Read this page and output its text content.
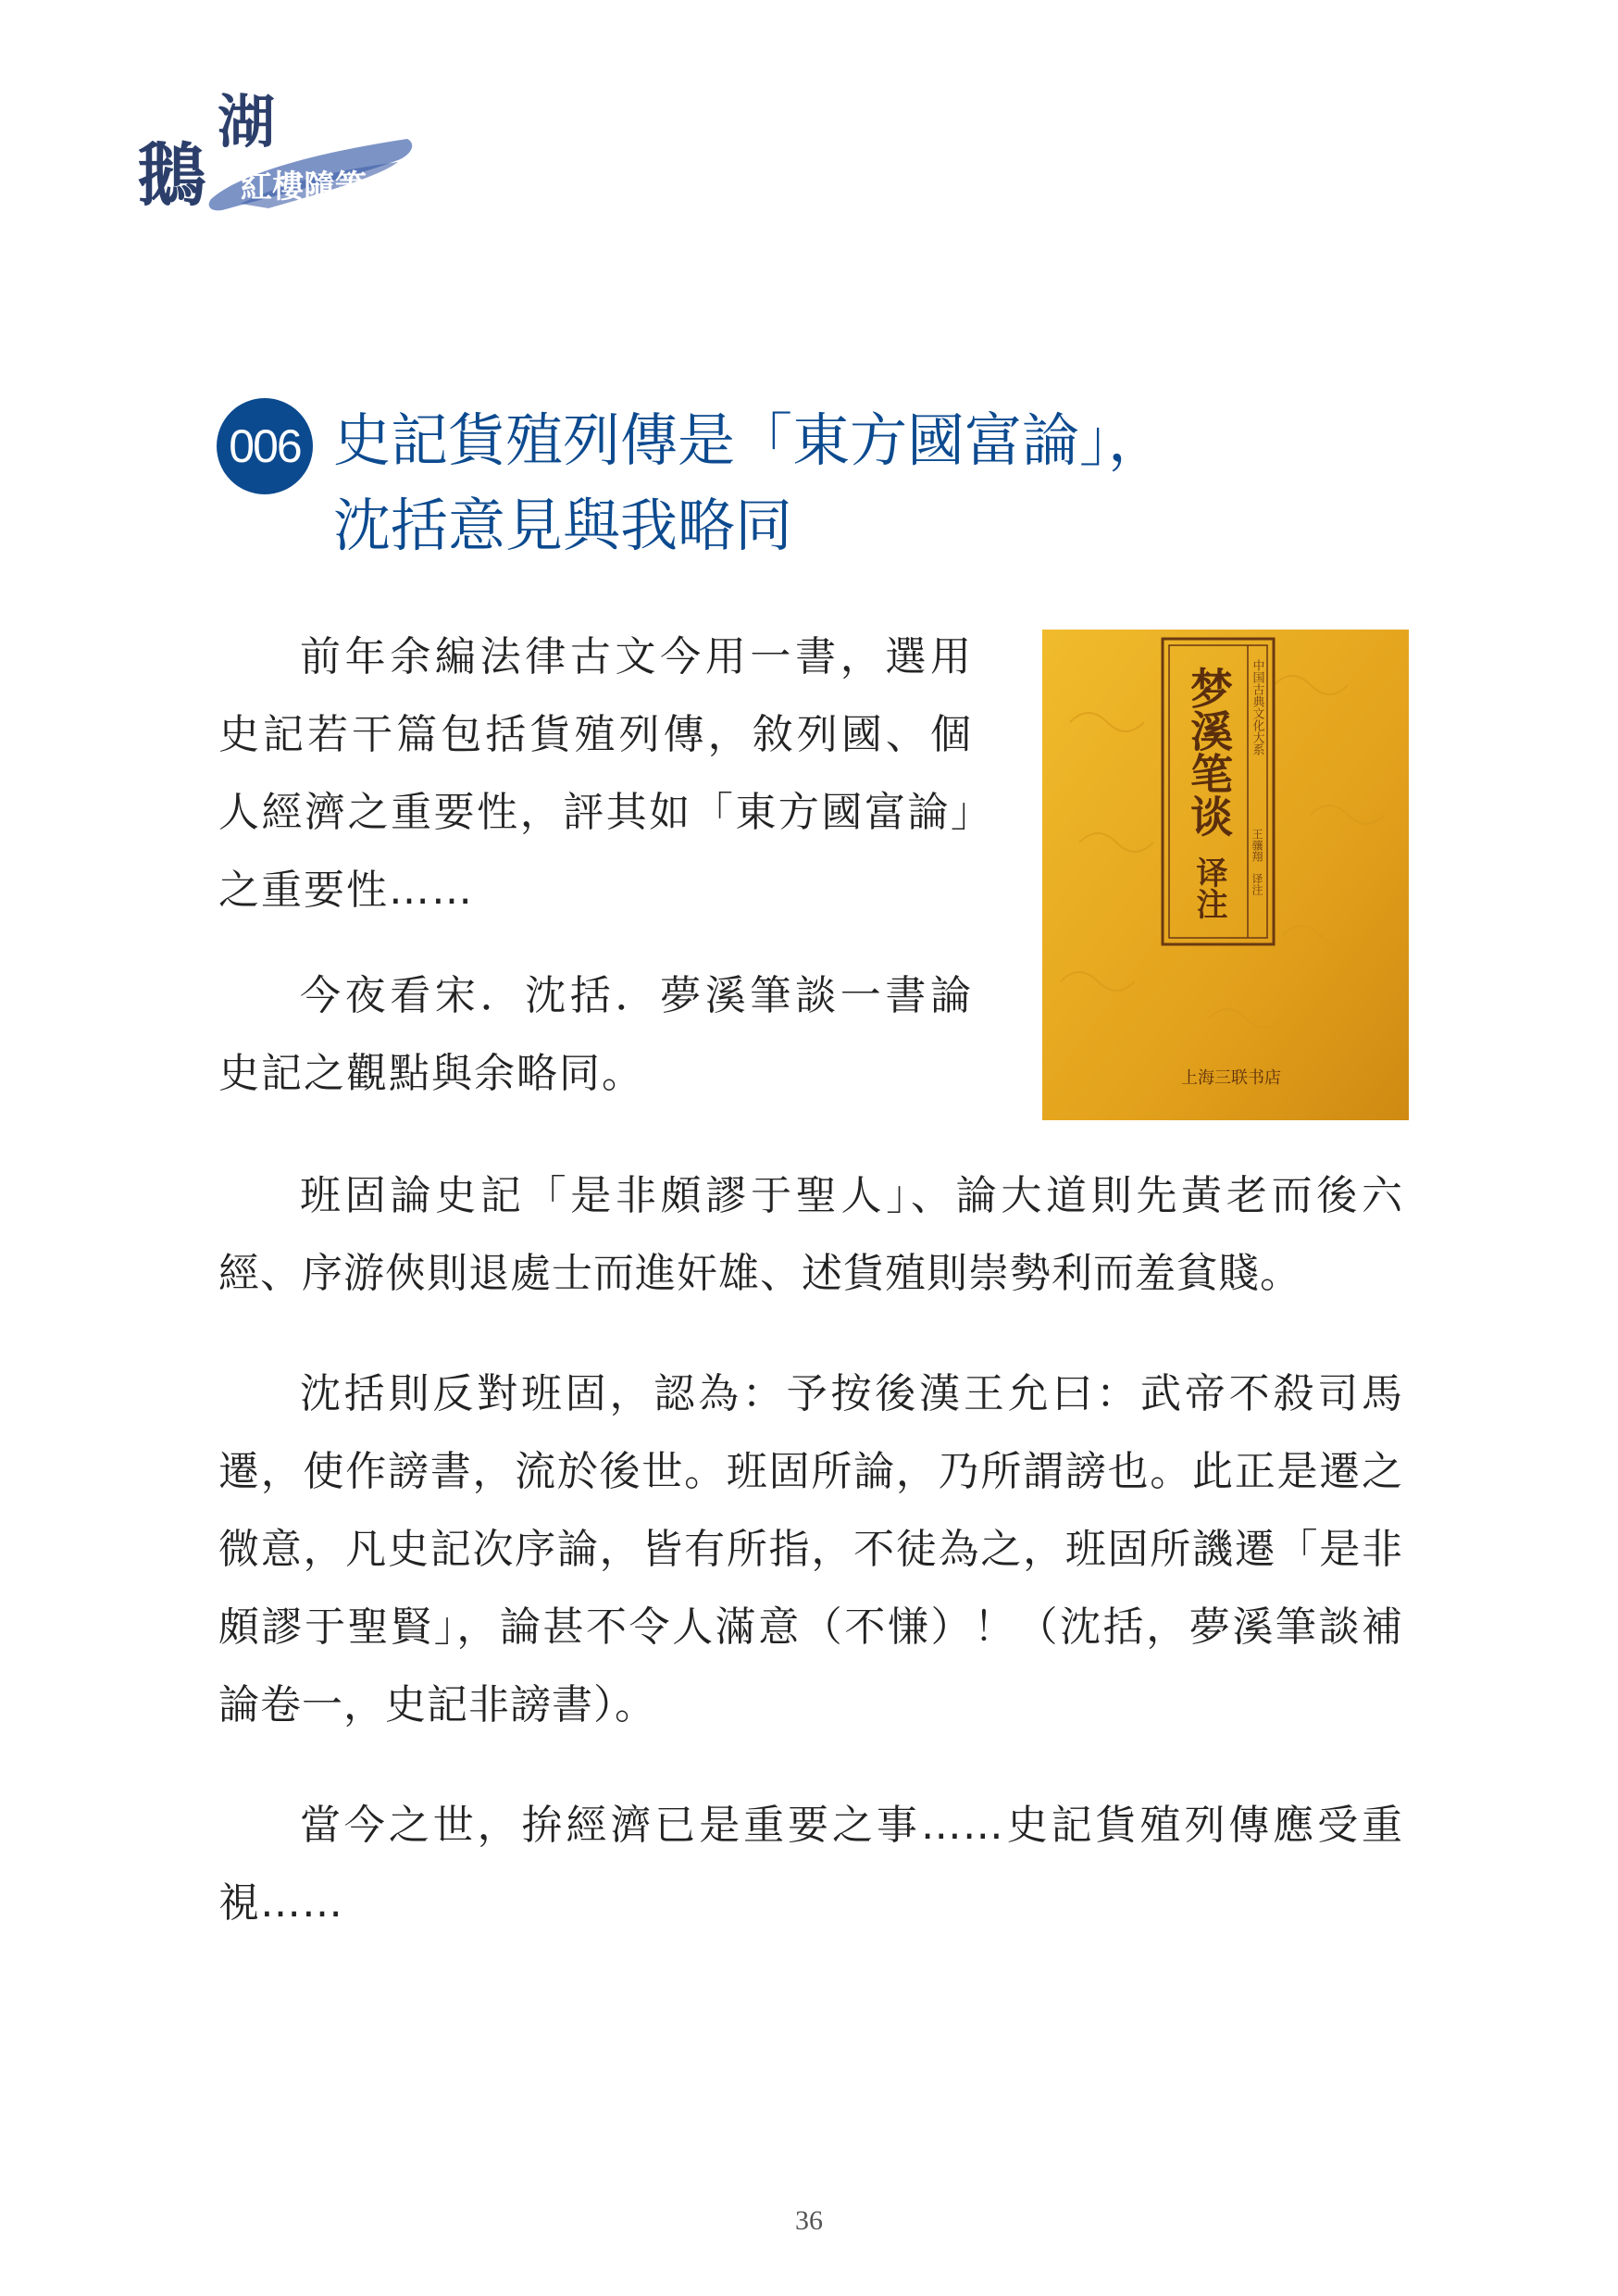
鵝
湖
紅樓隨筆
006 史記貨殖列傳是「東方國富論」，
沈括意見與我略同

前年余編法律古文今用一書，選用史記若干篇包括貨殖列傳，敘列國、個人經濟之重要性，評其如「東方國富論」之重要性……

今夜看宋．沈括．夢溪筆談一書論史記之觀點與余略同。

中国古典文化大系
梦溪笔谈
译注 王骧翔　译注
上海三联书店

班固論史記「是非頗謬于聖人」、論大道則先黃老而後六經、序游俠則退處士而進奸雄、述貨殖則崇勢利而羞貧賤。

沈括則反對班固，認為：予按後漢王允曰：武帝不殺司馬遷，使作謗書，流於後世。班固所論，乃所謂謗也。此正是遷之微意，凡史記次序論，皆有所指，不徒為之，班固所譏遷「是非頗謬于聖賢」，論甚不令人滿意（不慊）！（沈括，夢溪筆談補論卷一，史記非謗書）。

當今之世，拚經濟已是重要之事……史記貨殖列傳應受重視……

36
